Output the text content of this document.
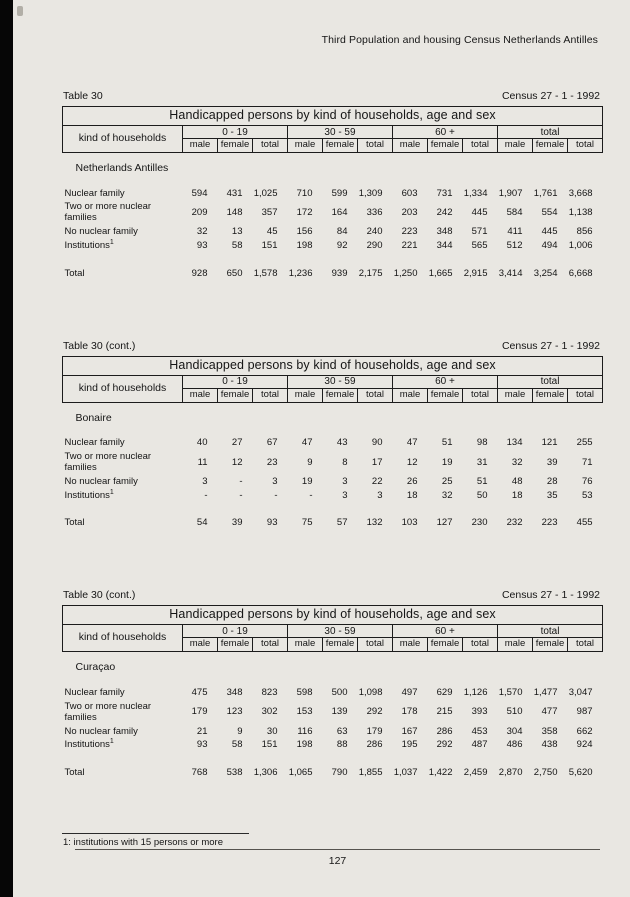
Third Population and housing Census Netherlands Antilles
Table 30	Census 27 - 1 - 1992
Handicapped persons by kind of households, age and sex												
kind of households	0 - 19			30 - 59			60 +			total		
	male	female	total	male	female	total	male	female	total	male	female	total
Netherlands Antilles												
Nuclear family	594	431	1,025	710	599	1,309	603	731	1,334	1,907	1,761	3,668
Two or more nuclear families	209	148	357	172	164	336	203	242	445	584	554	1,138
No nuclear family	32	13	45	156	84	240	223	348	571	411	445	856
Institutions$^1$	93	58	151	198	92	290	221	344	565	512	494	1,006
Total	928	650	1,578	1,236	939	2,175	1,250	1,665	2,915	3,414	3,254	6,668
Table 30 (cont.)	Census 27 - 1 - 1992
Handicapped persons by kind of households, age and sex												
kind of households	0 - 19			30 - 59			60 +			total		
	male	female	total	male	female	total	male	female	total	male	female	total
Bonaire												
Nuclear family	40	27	67	47	43	90	47	51	98	134	121	255
Two or more nuclear families	11	12	23	9	8	17	12	19	31	32	39	71
No nuclear family	3	-	3	19	3	22	26	25	51	48	28	76
Institutions$^1$	-	-	-	-	3	3	18	32	50	18	35	53
Total	54	39	93	75	57	132	103	127	230	232	223	455
Table 30 (cont.)	Census 27 - 1 - 1992
Handicapped persons by kind of households, age and sex												
kind of households	0 - 19			30 - 59			60 +			total		
	male	female	total	male	female	total	male	female	total	male	female	total
Curaçao												
Nuclear family	475	348	823	598	500	1,098	497	629	1,126	1,570	1,477	3,047
Two or more nuclear families	179	123	302	153	139	292	178	215	393	510	477	987
No nuclear family	21	9	30	116	63	179	167	286	453	304	358	662
Institutions$^1$	93	58	151	198	88	286	195	292	487	486	438	924
Total	768	538	1,306	1,065	790	1,855	1,037	1,422	2,459	2,870	2,750	5,620
1: institutions with 15 persons or more
127
